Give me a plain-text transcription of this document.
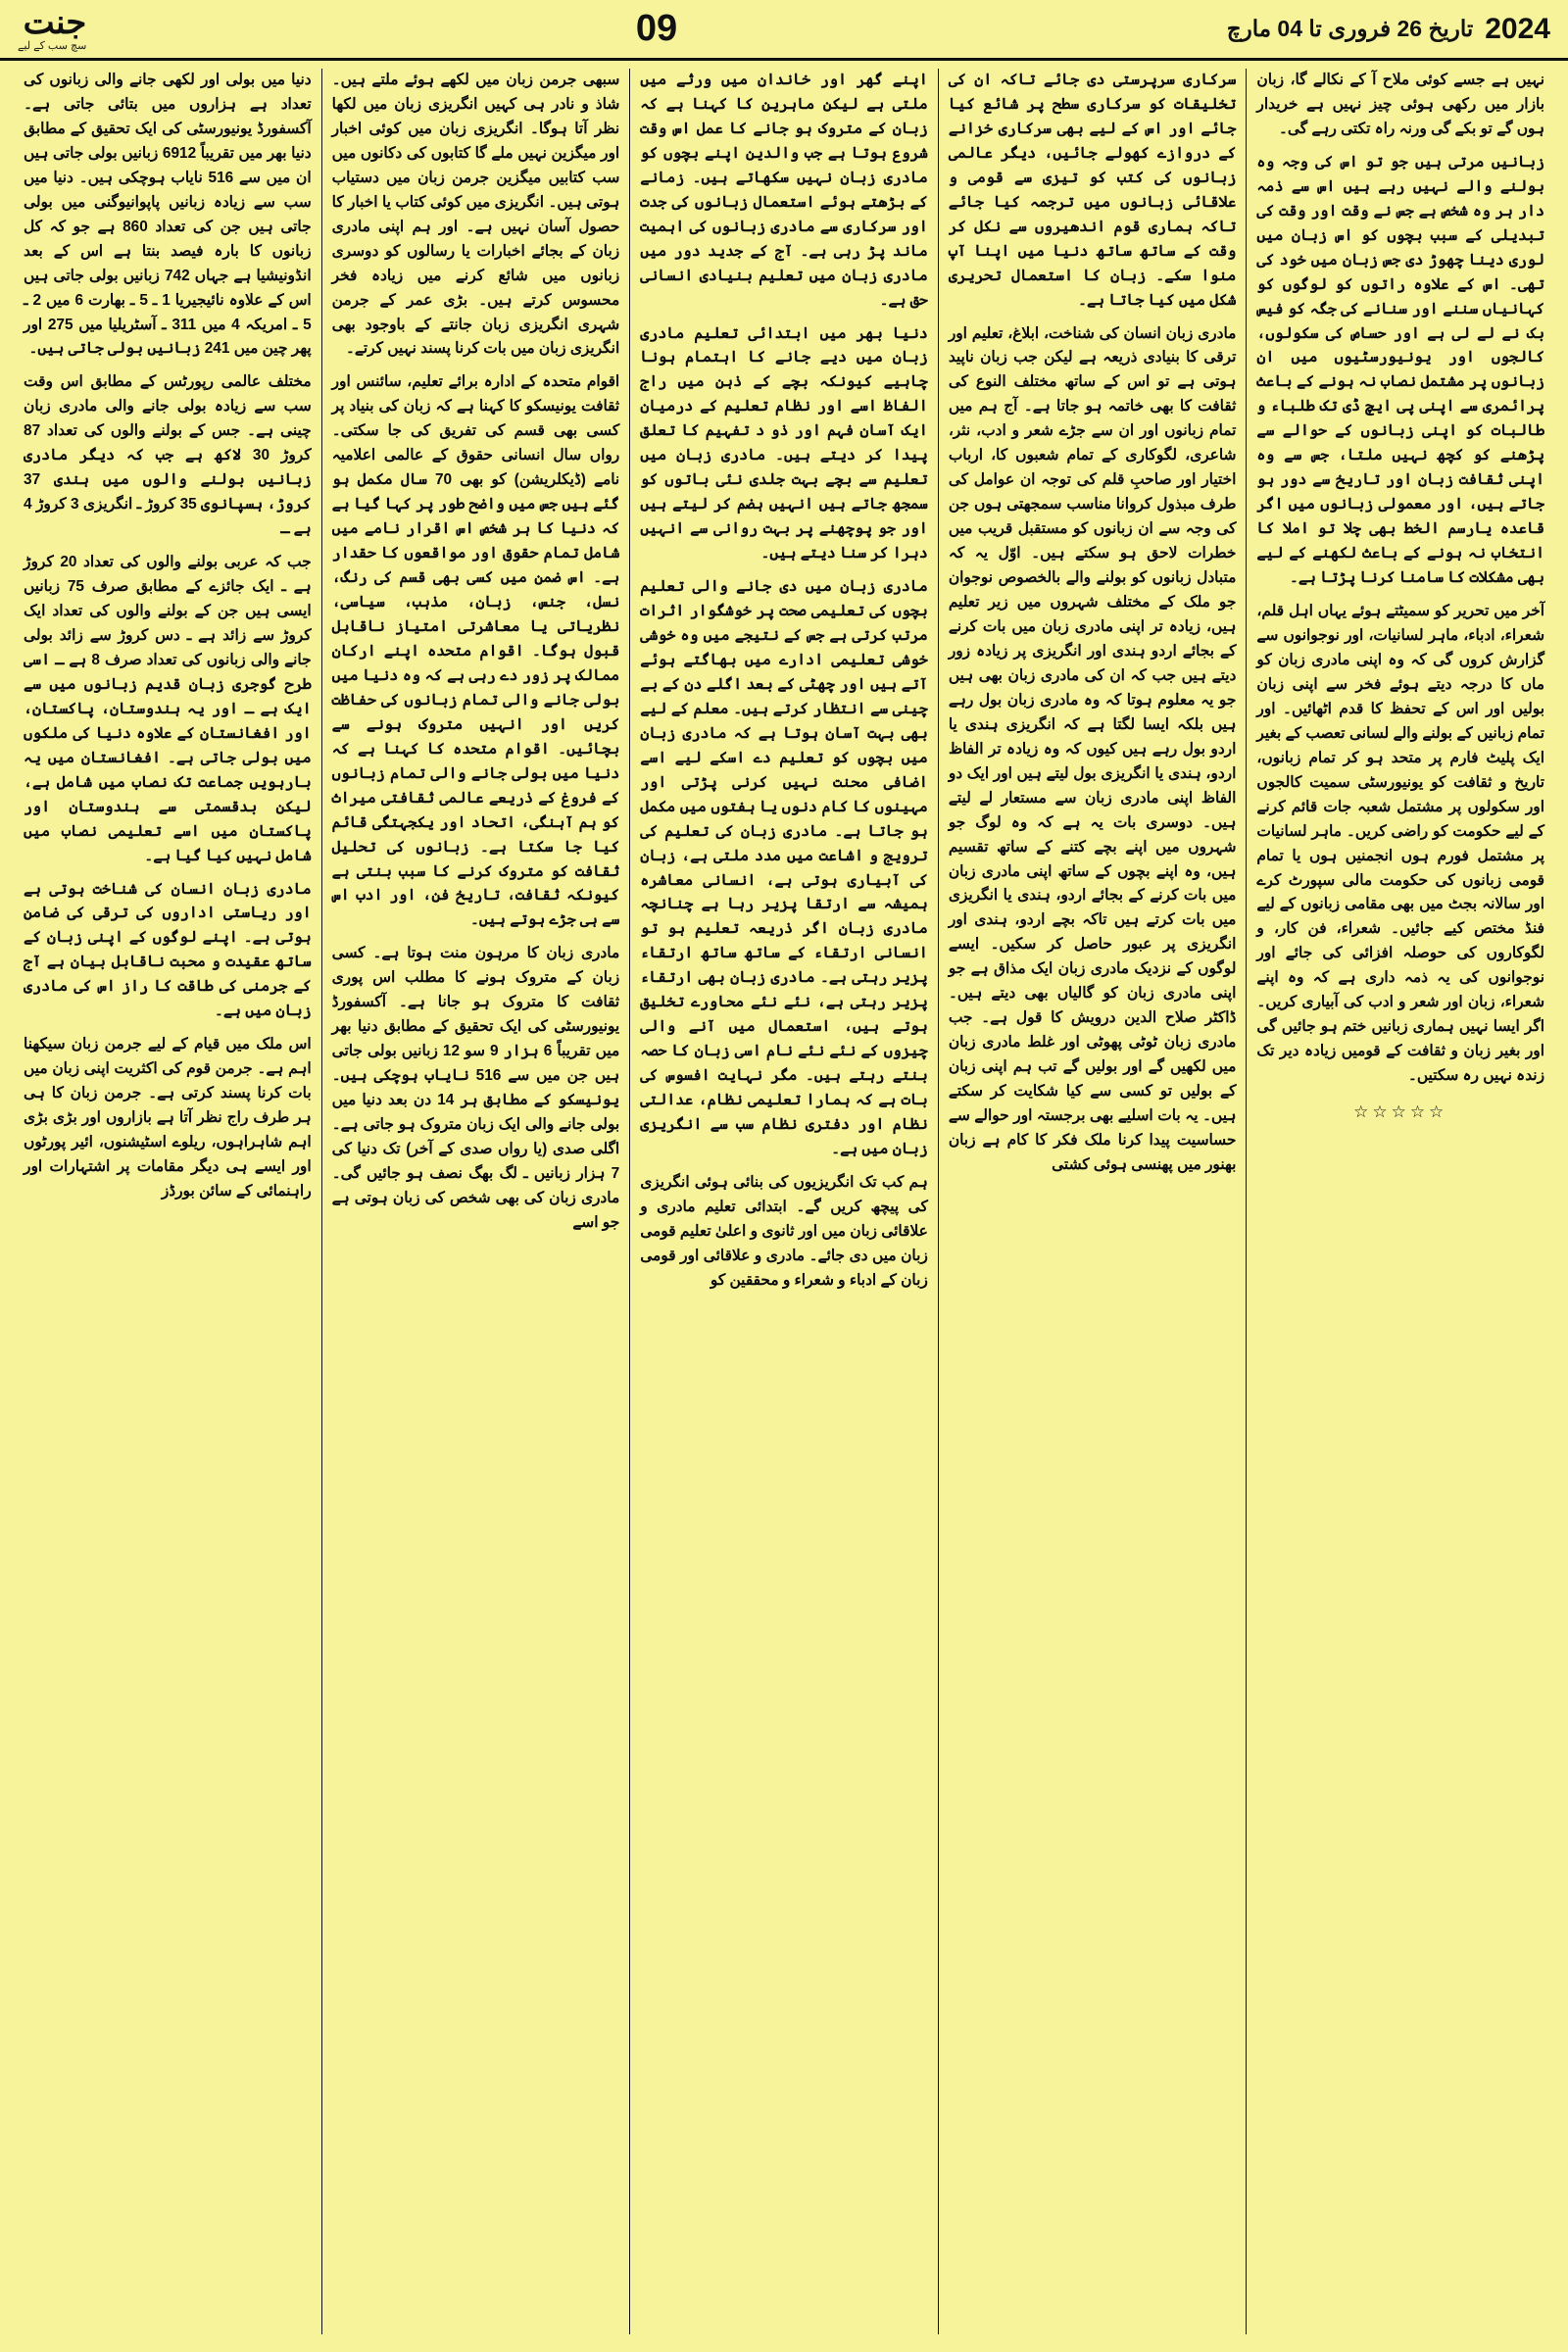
2024
تاریخ 26 فروری تا 04 مارچ
09
جنت
سچ سب کے لیے

نہیں ہے جسے کوئی ملاح آ کے نکالے گا، زبان بازار میں رکھی ہوئی چیز نہیں ہے خریدار ہوں گے تو بکے گی ورنہ راہ تکتی رہے گی۔

زبانیں مرتی ہیں جو تو اس کی وجہ وہ بولنے والے نہیں رہے ہیں اس سے ذمہ دار ہر وہ شخص ہے جس نے وقت اور وقت کی تبدیلی کے سبب بچوں کو اس زبان میں لوری دینا چھوڑ دی جس زبان میں خود کی تھی۔ اس کے علاوہ راتوں کو لوگوں کو کہانیاں سننے اور سنانے کی جگہ کو فیس بک نے لے لی ہے اور حساص کی سکولوں، کالجوں اور یونیورسٹیوں میں ان زبانوں پر مشتمل نصاب نہ ہونے کے باعث پرائمری سے اپنی پی ایچ ڈی تک طلباء و طالبات کو اپنی زبانوں کے حوالے سے پڑھنے کو کچھ نہیں ملتا، جس سے وہ اپنی ثقافت زبان اور تاریخ سے دور ہو جاتے ہیں، اور معمولی زبانوں میں اگر قاعدہ یارسم الخط بھی چلا تو املا کا انتخاب نہ ہونے کے باعث لکھنے کے لیے بھی مشکلات کا سامنا کرنا پڑتا ہے۔

آخر میں تحریر کو سمیٹتے ہوئے یہاں اہل قلم، شعراء، ادباء، ماہر لسانیات، اور نوجوانوں سے گزارش کروں گی کہ وہ اپنی مادری زبان کو ماں کا درجہ دیتے ہوئے فخر سے اپنی زبان بولیں اور اس کے تحفظ کا قدم اٹھائیں۔ اور تمام زبانیں کے بولنے والے لسانی تعصب کے بغیر ایک پلیٹ فارم پر متحد ہو کر تمام زبانوں، تاریخ و ثقافت کو یونیورسٹی سمیت کالجوں اور سکولوں پر مشتمل شعبہ جات قائم کرنے کے لیے حکومت کو راضی کریں۔ ماہر لسانیات پر مشتمل فورم ہوں انجمنیں ہوں یا تمام قومی زبانوں کی حکومت مالی سپورٹ کرے اور سالانہ بجٹ میں بھی مقامی زبانوں کے لیے فنڈ مختص کیے جائیں۔ شعراء، فن کار، و لگوکاروں کی حوصلہ افزائی کی جائے اور نوجوانوں کی یہ ذمہ داری ہے کہ وہ اپنے شعراء، زبان اور شعر و ادب کی آبیاری کریں۔ اگر ایسا نہیں ہماری زبانیں ختم ہو جائیں گی اور بغیر زبان و ثقافت کے قومیں زیادہ دیر تک زندہ نہیں رہ سکتیں۔

☆☆☆☆☆

سرکاری سرپرستی دی جائے تاکہ ان کی تخلیقات کو سرکاری سطح پر شائع کیا جائے اور اس کے لیے بھی سرکاری خزانے کے دروازے کھولے جائیں، دیگر عالمی زبانوں کی کتب کو تیزی سے قومی و علاقائی زبانوں میں ترجمہ کیا جائے تاکہ ہماری قوم اندھیروں سے نکل کر وقت کے ساتھ ساتھ دنیا میں اپنا آپ منوا سکے۔ زبان کا استعمال تحریری شکل میں کیا جاتا ہے۔

مادری زبان انسان کی شناخت، ابلاغ، تعلیم اور ترقی کا بنیادی ذریعہ ہے لیکن جب زبان ناپید ہوتی ہے تو اس کے ساتھ مختلف النوع کی ثقافت کا بھی خاتمہ ہو جاتا ہے۔ آج ہم میں تمام زبانوں اور ان سے جڑے شعر و ادب، نثر، شاعری، لگوکاری کے تمام شعبوں کا، ارباب اختیار اور صاحبِ قلم کی توجہ ان عوامل کی طرف مبذول کروانا مناسب سمجھتی ہوں جن کی وجہ سے ان زبانوں کو مستقبل قریب میں خطرات لاحق ہو سکتے ہیں۔ اوّل یہ کہ متبادل زبانوں کو بولنے والے بالخصوص نوجوان جو ملک کے مختلف شہروں میں زیر تعلیم ہیں، زیادہ تر اپنی مادری زبان میں بات کرنے کے بجائے اردو ہندی اور انگریزی پر زیادہ زور دیتے ہیں جب کہ ان کی مادری زبان بھی ہیں جو یہ معلوم ہوتا کہ وہ مادری زبان بول رہے ہیں بلکہ ایسا لگتا ہے کہ انگریزی ہندی یا اردو بول رہے ہیں کیوں کہ وہ زیادہ تر الفاظ اردو، ہندی یا انگریزی بول لیتے ہیں اور ایک دو الفاظ اپنی مادری زبان سے مستعار لے لیتے ہیں۔ دوسری بات یہ ہے کہ وہ لوگ جو شہروں میں اپنے بچے کتنے کے ساتھ تقسیم ہیں، وہ اپنے بچوں کے ساتھ اپنی مادری زبان میں بات کرنے کے بجائے اردو، ہندی یا انگریزی میں بات کرتے ہیں تاکہ بچے اردو، ہندی اور انگریزی پر عبور حاصل کر سکیں۔ ایسے لوگوں کے نزدیک مادری زبان ایک مذاق ہے جو اپنی مادری زبان کو گالیاں بھی دیتے ہیں۔ ڈاکٹر صلاح الدین درویش کا قول ہے۔ جب مادری زبان ٹوٹی پھوٹی اور غلط مادری زبان میں لکھیں گے اور بولیں گے تب ہم اپنی زبان کے بولیں تو کسی سے کیا شکایت کر سکتے ہیں۔ یہ بات اسلیے بھی برجستہ اور حوالے سے حساسیت پیدا کرنا ملک فکر کا کام ہے زبان بھنور میں پھنسی ہوئی کشتی

اپنے گھر اور خاندان میں ورثے میں ملتی ہے لیکن ماہرین کا کہنا ہے کہ زبان کے متروک ہو جانے کا عمل اس وقت شروع ہوتا ہے جب والدین اپنے بچوں کو مادری زبان نہیں سکھاتے ہیں۔ زمانے کے بڑھتے ہوئے استعمال زبانوں کی جدت اور سرکاری سے مادری زبانوں کی اہمیت ماند پڑ رہی ہے۔ آج کے جدید دور میں مادری زبان میں تعلیم بنیادی انسانی حق ہے۔

دنیا بھر میں ابتدائی تعلیم مادری زبان میں دیے جانے کا اہتمام ہونا چاہیے کیونکہ بچے کے ذہن میں راج الفاظ اسے اور نظام تعلیم کے درمیان ایک آسان فہم اور ذو د تفہیم کا تعلق پیدا کر دیتے ہیں۔ مادری زبان میں تعلیم سے بچے بہت جلدی نئی باتوں کو سمجھ جاتے ہیں انہیں ہضم کر لیتے ہیں اور جو پوچھنے پر بہت روانی سے انہیں دہرا کر سنا دیتے ہیں۔

مادری زبان میں دی جانے والی تعلیم بچوں کی تعلیمی صحت پر خوشگوار اثرات مرتب کرتی ہے جس کے نتیجے میں وہ خوشی خوشی تعلیمی ادارے میں بھاگتے ہوئے آتے ہیں اور چھٹی کے بعد اگلے دن کے بے چینی سے انتظار کرتے ہیں۔ معلم کے لیے بھی بہت آسان ہوتا ہے کہ مادری زبان میں بچوں کو تعلیم دے اسکے لیے اسے اضافی محنت نہیں کرنی پڑتی اور مہینوں کا کام دنوں یا ہفتوں میں مکمل ہو جاتا ہے۔ مادری زبان کی تعلیم کی ترویج و اشاعت میں مدد ملتی ہے، زبان کی آبیاری ہوتی ہے، انسانی معاشرہ ہمیشہ سے ارتقا پزیر رہا ہے چنانچہ مادری زبان اگر ذریعہ تعلیم ہو تو انسانی ارتقاء کے ساتھ ساتھ ارتقاء پزیر رہتی ہے۔ مادری زبان بھی ارتقاء پزیر رہتی ہے، نئے نئے محاورے تخلیق ہوتے ہیں، استعمال میں آنے والی چیزوں کے نئے نئے نام اسی زبان کا حصہ بنتے رہتے ہیں۔ مگر نہایت افسوس کی بات ہے کہ ہمارا تعلیمی نظام، عدالتی نظام اور دفتری نظام سب سے انگریزی زبان میں ہے۔

ہم کب تک انگریزیوں کی بنائی ہوئی انگریزی کی پیچھ کریں گے۔ ابتدائی تعلیم مادری و علاقائی زبان میں اور ثانوی و اعلیٰ تعلیم قومی زبان میں دی جائے۔ مادری و علاقائی اور قومی زبان کے ادباء و شعراء و محققین کو

سبھی جرمن زبان میں لکھے ہوئے ملتے ہیں۔ شاذ و نادر ہی کہیں انگریزی زبان میں لکھا نظر آتا ہوگا۔ انگریزی زبان میں کوئی اخبار اور میگزین نہیں ملے گا کتابوں کی دکانوں میں سب کتابیں میگزین جرمن زبان میں دستیاب ہوتی ہیں۔ انگریزی میں کوئی کتاب یا اخبار کا حصول آسان نہیں ہے۔ اور ہم اپنی مادری زبان کے بجائے اخبارات یا رسالوں کو دوسری زبانوں میں شائع کرنے میں زیادہ فخر محسوس کرتے ہیں۔ بڑی عمر کے جرمن شہری انگریزی زبان جانتے کے باوجود بھی انگریزی زبان میں بات کرنا پسند نہیں کرتے۔

اقوام متحدہ کے ادارہ برائے تعلیم، سائنس اور ثقافت یونیسکو کا کہنا ہے کہ زبان کی بنیاد پر کسی بھی قسم کی تفریق کی جا سکتی۔ رواں سال انسانی حقوق کے عالمی اعلامیہ نامے (ڈیکلریشن) کو بھی 70 سال مکمل ہو گئے ہیں جس میں واضح طور پر کہا گیا ہے کہ دنیا کا ہر شخص اس اقرار نامے میں شامل تمام حقوق اور مواقعوں کا حقدار ہے۔ اس ضمن میں کسی بھی قسم کی رنگ، نسل، جنس، زبان، مذہب، سیاسی، نظریاتی یا معاشرتی امتیاز ناقابل قبول ہوگا۔ اقوام متحدہ اپنے ارکان ممالک پر زور دے رہی ہے کہ وہ دنیا میں بولی جانے والی تمام زبانوں کی حفاظت کریں اور انہیں متروک ہونے سے بچائیں۔ اقوام متحدہ کا کہنا ہے کہ دنیا میں بولی جانے والی تمام زبانوں کے فروغ کے ذریعے عالمی ثقافتی میراث کو ہم آہنگی، اتحاد اور یکجہتگی قائم کیا جا سکتا ہے۔ زبانوں کی تحلیل ثقافت کو متروک کرنے کا سبب بنتی ہے کیونکہ ثقافت، تاریخ فن، اور ادب اس سے ہی جڑے ہوتے ہیں۔

مادری زبان کا مرہون منت ہوتا ہے۔ کسی زبان کے متروک ہونے کا مطلب اس پوری ثقافت کا متروک ہو جانا ہے۔ آکسفورڈ یونیورسٹی کی ایک تحقیق کے مطابق دنیا بھر میں تقریباً 6 ہزار 9 سو 12 زبانیں بولی جاتی ہیں جن میں سے 516 نایاب ہوچکی ہیں۔ یونیسکو کے مطابق ہر 14 دن بعد دنیا میں بولی جانے والی ایک زبان متروک ہو جاتی ہے۔ اگلی صدی (یا رواں صدی کے آخر) تک دنیا کی 7 ہزار زبانیں ـ لگ بھگ نصف ہو جائیں گی۔ مادری زبان کی بھی شخص کی زبان ہوتی ہے جو اسے

دنیا میں بولی اور لکھی جانے والی زبانوں کی تعداد ہے ہزاروں میں بتائی جاتی ہے۔ آکسفورڈ یونیورسٹی کی ایک تحقیق کے مطابق دنیا بھر میں تقریباً 6912 زبانیں بولی جاتی ہیں ان میں سے 516 نایاب ہوچکی ہیں۔ دنیا میں سب سے زیادہ زبانیں پاپوانیوگنی میں بولی جاتی ہیں جن کی تعداد 860 ہے جو کہ کل زبانوں کا بارہ فیصد بنتا ہے اس کے بعد انڈونیشیا ہے جہاں 742 زبانیں بولی جاتی ہیں اس کے علاوہ نائیجیریا 1 ـ 5 ـ بھارت 6 میں 2 ـ 5 ـ امریکہ 4 میں 311 ـ آسٹریلیا میں 275 اور پھر چین میں 241 زبانیں بولی جاتی ہیں۔

مختلف عالمی رپورٹس کے مطابق اس وقت سب سے زیادہ بولی جانے والی مادری زبان چینی ہے۔ جس کے بولنے والوں کی تعداد 87 کروڑ 30 لاکھ ہے جب کہ دیگر مادری زبانیں بولنے والوں میں ہندی 37 کروڑ، ہسپانوی 35 کروڑ ـ انگریزی 3 کروڑ 4 ہے ـ

جب کہ عربی بولنے والوں کی تعداد 20 کروڑ ہے ـ ایک جائزے کے مطابق صرف 75 زبانیں ایسی ہیں جن کے بولنے والوں کی تعداد ایک کروڑ سے زائد ہے ـ دس کروڑ سے زائد بولی جانے والی زبانوں کی تعداد صرف 8 ہے ـ اسی طرح گوجری زبان قدیم زبانوں میں سے ایک ہے ـ اور یہ ہندوستان، پاکستان، اور افغانستان کے علاوہ دنیا کی ملکوں میں بولی جاتی ہے۔ افغانستان میں یہ بارہویں جماعت تک نصاب میں شامل ہے، لیکن بدقسمتی سے ہندوستان اور پاکستان میں اسے تعلیمی نصاب میں شامل نہیں کیا گیا ہے۔

مادری زبان انسان کی شناخت ہوتی ہے اور ریاستی اداروں کی ترقی کی ضامن ہوتی ہے۔ اپنے لوگوں کے اپنی زبان کے ساتھ عقیدت و محبت ناقابل بیان ہے آج کے جرمنی کی طاقت کا راز اس کی مادری زبان میں ہے۔

اس ملک میں قیام کے لیے جرمن زبان سیکھنا اہم ہے۔ جرمن قوم کی اکثریت اپنی زبان میں بات کرنا پسند کرتی ہے۔ جرمن زبان کا ہی ہر طرف راج نظر آتا ہے بازاروں اور بڑی بڑی اہم شاہراہوں، ریلوے اسٹیشنوں، ائیر پورٹوں اور ایسے ہی دیگر مقامات پر اشتہارات اور راہنمائی کے سائن بورڈز
